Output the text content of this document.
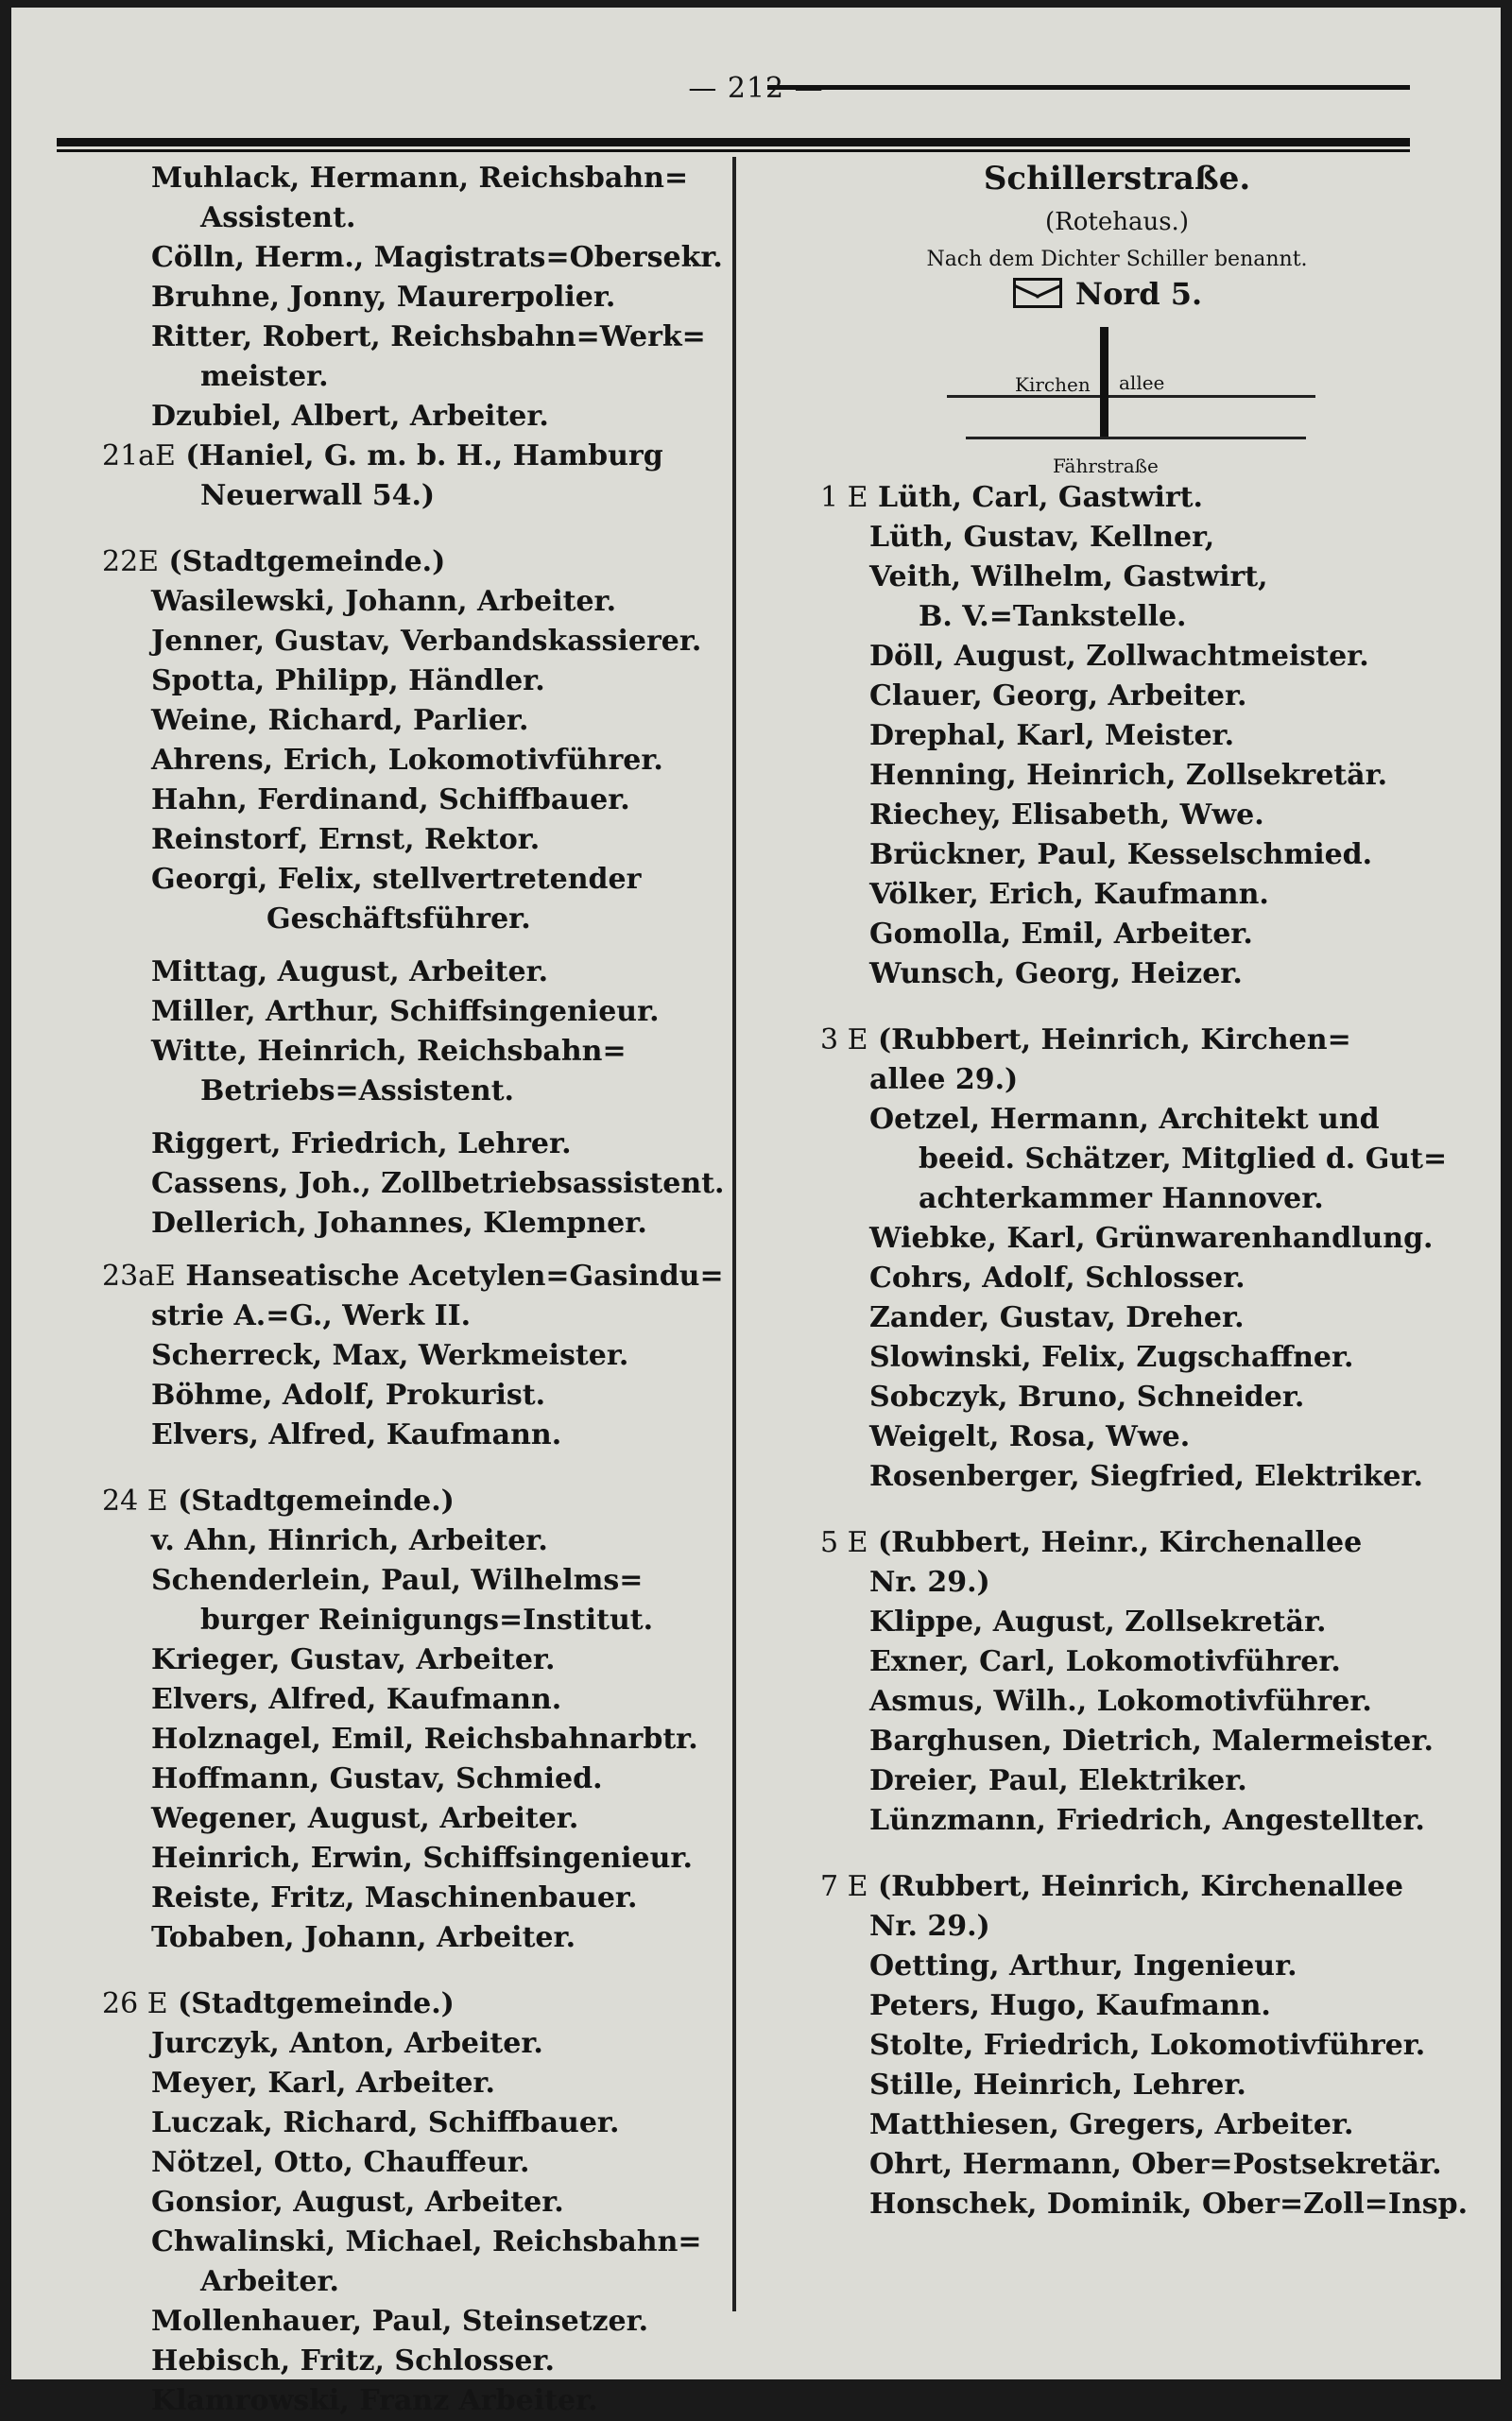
— 212 —
Muhlack, Hermann, Reichsbahn=
Assistent.
Cölln, Herm., Magistrats=Obersekr.
Bruhne, Jonny, Maurerpolier.
Ritter, Robert, Reichsbahn=Werk=
meister.
Dzubiel, Albert, Arbeiter.
21aE (Haniel, G. m. b. H., Hamburg
Neuerwall 54.)
22E (Stadtgemeinde.)
Wasilewski, Johann, Arbeiter.
Jenner, Gustav, Verbandskassierer.
Spotta, Philipp, Händler.
Weine, Richard, Parlier.
Ahrens, Erich, Lokomotivführer.
Hahn, Ferdinand, Schiffbauer.
Reinstorf, Ernst, Rektor.
Georgi, Felix, stellvertretender
Geschäftsführer.
Mittag, August, Arbeiter.
Miller, Arthur, Schiffsingenieur.
Witte, Heinrich, Reichsbahn=
Betriebs=Assistent.
Riggert, Friedrich, Lehrer.
Cassens, Joh., Zollbetriebsassistent.
Dellerich, Johannes, Klempner.
23aE Hanseatische Acetylen=Gasindu=
strie A.=G., Werk II.
Scherreck, Max, Werkmeister.
Böhme, Adolf, Prokurist.
Elvers, Alfred, Kaufmann.
24 E (Stadtgemeinde.)
v. Ahn, Hinrich, Arbeiter.
Schenderlein, Paul, Wilhelms=
burger Reinigungs=Institut.
Krieger, Gustav, Arbeiter.
Elvers, Alfred, Kaufmann.
Holznagel, Emil, Reichsbahnarbtr.
Hoffmann, Gustav, Schmied.
Wegener, August, Arbeiter.
Heinrich, Erwin, Schiffsingenieur.
Reiste, Fritz, Maschinenbauer.
Tobaben, Johann, Arbeiter.
26 E (Stadtgemeinde.)
Jurczyk, Anton, Arbeiter.
Meyer, Karl, Arbeiter.
Luczak, Richard, Schiffbauer.
Nötzel, Otto, Chauffeur.
Gonsior, August, Arbeiter.
Chwalinski, Michael, Reichsbahn=
Arbeiter.
Mollenhauer, Paul, Steinsetzer.
Hebisch, Fritz, Schlosser.
Klamrowski, Franz Arbeiter.
Schillerstraße.
(Rotehaus.)
Nach dem Dichter Schiller benannt.
Nord 5.
Kirchen allee
Fährstraße
1 E Lüth, Carl, Gastwirt.
Lüth, Gustav, Kellner,
Veith, Wilhelm, Gastwirt,
B. V.=Tankstelle.
Döll, August, Zollwachtmeister.
Clauer, Georg, Arbeiter.
Drephal, Karl, Meister.
Henning, Heinrich, Zollsekretär.
Riechey, Elisabeth, Wwe.
Brückner, Paul, Kesselschmied.
Völker, Erich, Kaufmann.
Gomolla, Emil, Arbeiter.
Wunsch, Georg, Heizer.
3 E (Rubbert, Heinrich, Kirchen=
allee 29.)
Oetzel, Hermann, Architekt und
beeid. Schätzer, Mitglied d. Gut=
achterkammer Hannover.
Wiebke, Karl, Grünwarenhandlung.
Cohrs, Adolf, Schlosser.
Zander, Gustav, Dreher.
Slowinski, Felix, Zugschaffner.
Sobczyk, Bruno, Schneider.
Weigelt, Rosa, Wwe.
Rosenberger, Siegfried, Elektriker.
5 E (Rubbert, Heinr., Kirchenallee
Nr. 29.)
Klippe, August, Zollsekretär.
Exner, Carl, Lokomotivführer.
Asmus, Wilh., Lokomotivführer.
Barghusen, Dietrich, Malermeister.
Dreier, Paul, Elektriker.
Lünzmann, Friedrich, Angestellter.
7 E (Rubbert, Heinrich, Kirchenallee
Nr. 29.)
Oetting, Arthur, Ingenieur.
Peters, Hugo, Kaufmann.
Stolte, Friedrich, Lokomotivführer.
Stille, Heinrich, Lehrer.
Matthiesen, Gregers, Arbeiter.
Ohrt, Hermann, Ober=Postsekretär.
Honschek, Dominik, Ober=Zoll=Insp.
